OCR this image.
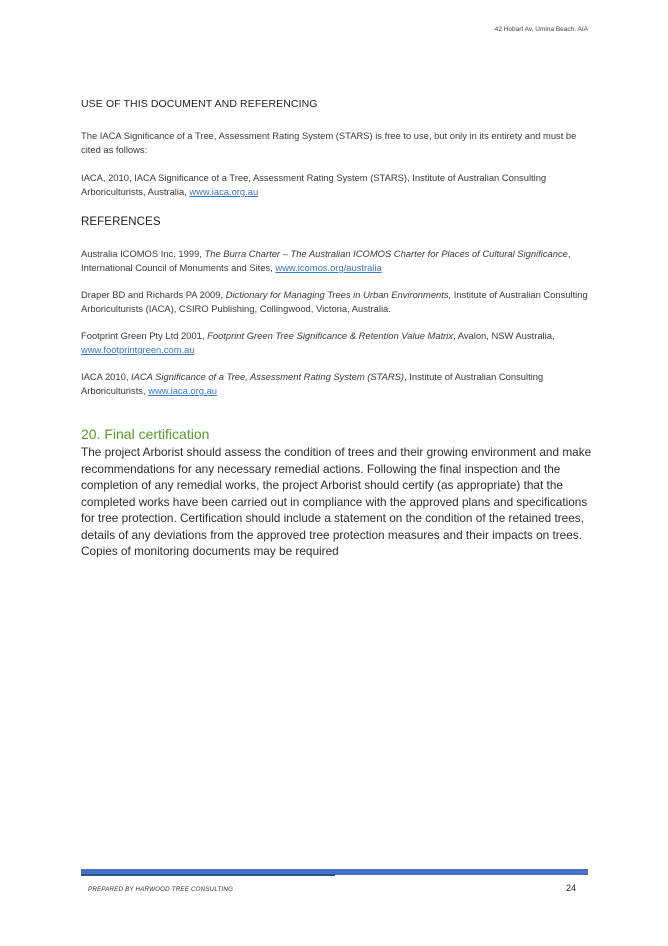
42 Hobart Av, Umina Beach. AIA

USE OF THIS DOCUMENT AND REFERENCING

The IACA Significance of a Tree, Assessment Rating System (STARS) is free to use, but only in its entirety and must be cited as follows:

IACA, 2010, IACA Significance of a Tree, Assessment Rating System (STARS), Institute of Australian Consulting Arboriculturists, Australia, www.iaca.org.au

REFERENCES

Australia ICOMOS Inc. 1999, The Burra Charter – The Australian ICOMOS Charter for Places of Cultural Significance, International Council of Monuments and Sites, www.icomos.org/australia

Draper BD and Richards PA 2009, Dictionary for Managing Trees in Urban Environments, Institute of Australian Consulting Arboriculturists (IACA), CSIRO Publishing, Collingwood, Victoria, Australia.

Footprint Green Pty Ltd 2001, Footprint Green Tree Significance & Retention Value Matrix, Avalon, NSW Australia, www.footprintgreen.com.au

IACA 2010, IACA Significance of a Tree, Assessment Rating System (STARS), Institute of Australian Consulting Arboriculturists, www.iaca.org.au

20. Final certification

The project Arborist should assess the condition of trees and their growing environment and make recommendations for any necessary remedial actions. Following the final inspection and the completion of any remedial works, the project Arborist should certify (as appropriate) that the completed works have been carried out in compliance with the approved plans and specifications for tree protection. Certification should include a statement on the condition of the retained trees, details of any deviations from the approved tree protection measures and their impacts on trees. Copies of monitoring documents may be required

PREPARED BY HARWOOD TREE CONSULTING	24
